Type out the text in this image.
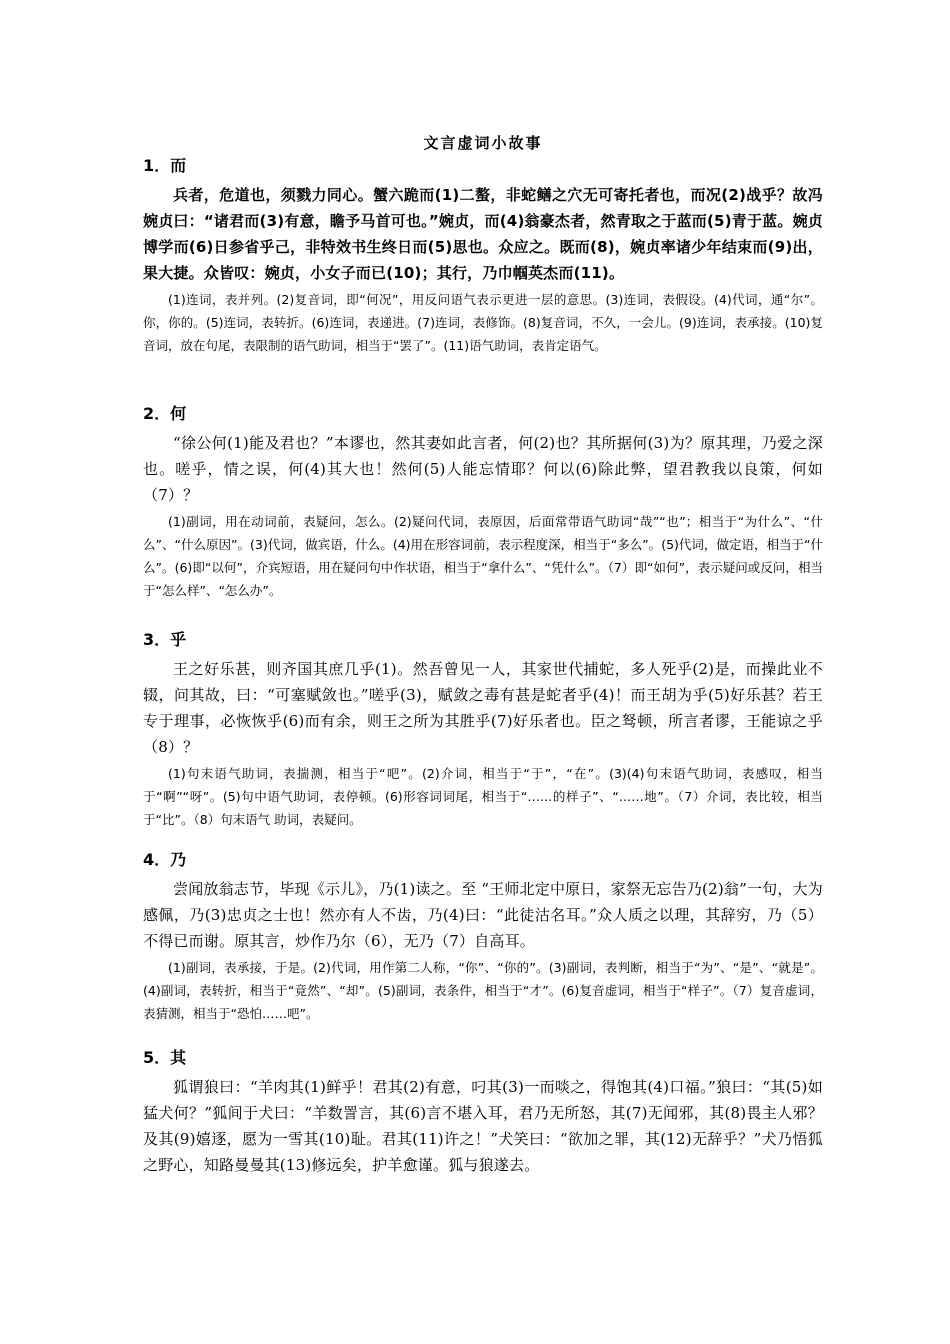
文言虚词小故事
1．而

兵者，危道也，须戮力同心。蟹六跪而(1)二螯，非蛇鳝之穴无可寄托者也，而况(2)战乎？故冯婉贞曰：“诸君而(3)有意，瞻予马首可也。”婉贞，而(4)翁豪杰者，然青取之于蓝而(5)青于蓝。婉贞博学而(6)日参省乎己，非特效书生终日而(5)思也。众应之。既而(8)，婉贞率诸少年结束而(9)出，果大捷。众皆叹：婉贞，小女子而已(10)；其行，乃巾帼英杰而(11)。

(1)连词，表并列。(2)复音词，即“何况”，用反问语气表示更进一层的意思。(3)连词，表假设。(4)代词，通“尔”。你，你的。(5)连词，表转折。(6)连词，表递进。(7)连词，表修饰。(8)复音词，不久，一会儿。(9)连词，表承接。(10)复音词，放在句尾，表限制的语气助词，相当于“罢了”。(11)语气助词，表肯定语气。

2．何

“徐公何(1)能及君也？”本谬也，然其妻如此言者，何(2)也？其所据何(3)为？原其理，乃爱之深也。嗟乎，情之误，何(4)其大也！然何(5)人能忘情耶？何以(6)除此弊，望君教我以良策，何如（7）？

(1)副词，用在动词前，表疑问，怎么。(2)疑问代词，表原因，后面常带语气助词“哉”“也”；相当于“为什么”、“什么”、“什么原因”。(3)代词，做宾语，什么。(4)用在形容词前，表示程度深，相当于“多么”。(5)代词，做定语，相当于“什么”。(6)即“以何”，介宾短语，用在疑问句中作状语，相当于“拿什么”、“凭什么”。（7）即“如何”，表示疑问或反问，相当于“怎么样”、“怎么办”。

3．乎

王之好乐甚，则齐国其庶几乎(1)。然吾曾见一人，其家世代捕蛇，多人死乎(2)是，而操此业不辍，问其故，曰：“可塞赋敛也。”嗟乎(3)，赋敛之毒有甚是蛇者乎(4)！而王胡为乎(5)好乐甚？若王专于理事，必恢恢乎(6)而有余，则王之所为其胜乎(7)好乐者也。臣之驽顿，所言者谬，王能谅之乎（8）？

(1)句末语气助词，表揣测，相当于“吧”。(2)介词，相当于“于”，“在”。(3)(4)句末语气助词，表感叹，相当于“啊”“呀”。(5)句中语气助词，表停顿。(6)形容词词尾，相当于“……的样子”、“……地”。（7）介词，表比较，相当于“比”。（8）句末语气 助词，表疑问。

4．乃

尝闻放翁志节，毕现《示儿》，乃(1)读之。至 “王师北定中原日，家祭无忘告乃(2)翁”一句，大为感佩，乃(3)忠贞之士也！然亦有人不齿，乃(4)曰：“此徒沽名耳。”众人质之以理，其辞穷，乃（5）不得已而谢。原其言，炒作乃尔（6），无乃（7）自高耳。

(1)副词，表承接，于是。(2)代词，用作第二人称，“你”、“你的”。(3)副词，表判断，相当于“为”、“是”、“就是”。(4)副词，表转折，相当于“竟然”、“却”。(5)副词，表条件，相当于“才”。(6)复音虚词，相当于“样子”。（7）复音虚词，表猜测，相当于“恐怕……吧”。

5．其

狐谓狼曰：“羊肉其(1)鲜乎！君其(2)有意，叼其(3)一而啖之，得饱其(4)口福。”狼曰：“其(5)如猛犬何？”狐间于犬曰：“羊数詈言，其(6)言不堪入耳，君乃无所怒，其(7)无闻邪，其(8)畏主人邪？及其(9)嬉逐，愿为一雪其(10)耻。君其(11)许之！”犬笑曰：“欲加之罪，其(12)无辞乎？”犬乃悟狐之野心，知路曼曼其(13)修远矣，护羊愈谨。狐与狼遂去。
